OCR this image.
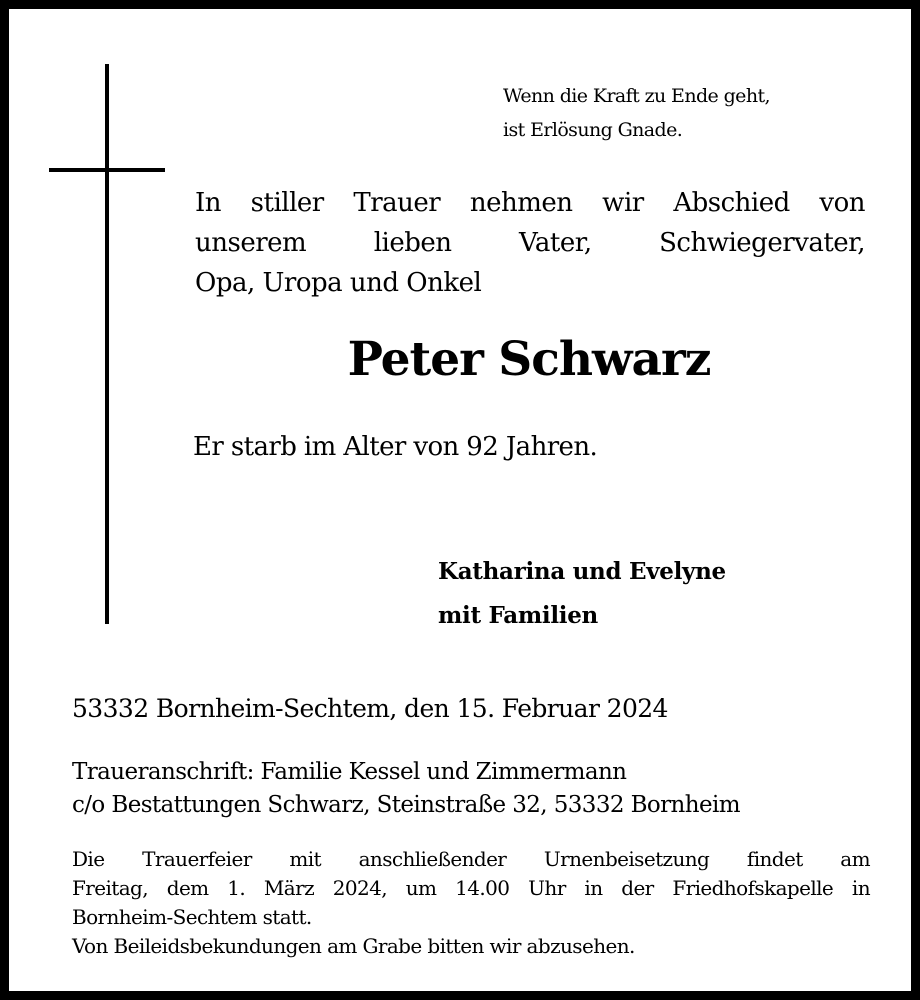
Wenn die Kraft zu Ende geht,
ist Erlösung Gnade.
In stiller Trauer nehmen wir Abschied von
unserem lieben Vater, Schwiegervater,
Opa, Uropa und Onkel
Peter Schwarz
Er starb im Alter von 92 Jahren.
Katharina und Evelyne
mit Familien
53332 Bornheim-Sechtem, den 15. Februar 2024
Traueranschrift: Familie Kessel und Zimmermann
c/o Bestattungen Schwarz, Steinstraße 32, 53332 Bornheim
Die Trauerfeier mit anschließender Urnenbeisetzung findet am
Freitag, dem 1. März 2024, um 14.00 Uhr in der Friedhofskapelle in
Bornheim-Sechtem statt.
Von Beileidsbekundungen am Grabe bitten wir abzusehen.
